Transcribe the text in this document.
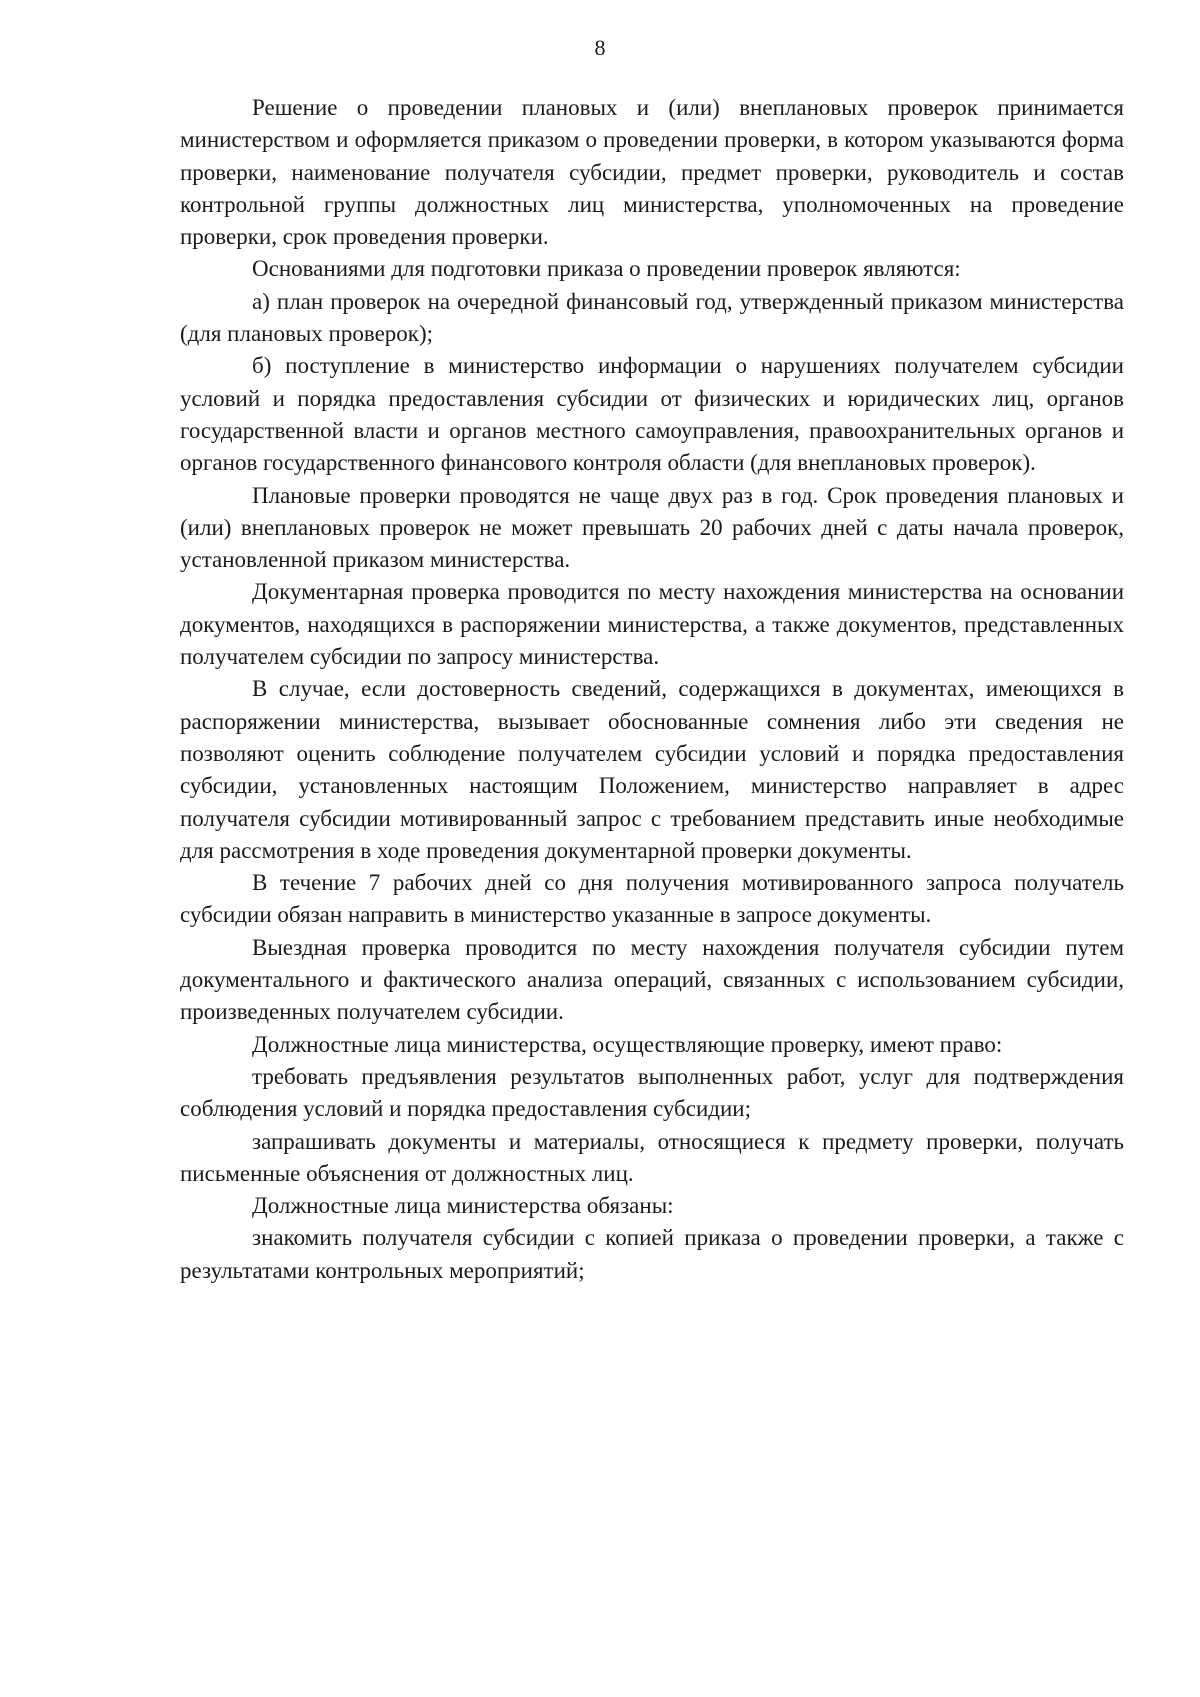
8

Решение о проведении плановых и (или) внеплановых проверок принимается министерством и оформляется приказом о проведении проверки, в котором указываются форма проверки, наименование получателя субсидии, предмет проверки, руководитель и состав контрольной группы должностных лиц министерства, уполномоченных на проведение проверки, срок проведения проверки.

Основаниями для подготовки приказа о проведении проверок являются:

а) план проверок на очередной финансовый год, утвержденный приказом министерства (для плановых проверок);

б) поступление в министерство информации о нарушениях получателем субсидии условий и порядка предоставления субсидии от физических и юридических лиц, органов государственной власти и органов местного самоуправления, правоохранительных органов и органов государственного финансового контроля области (для внеплановых проверок).

Плановые проверки проводятся не чаще двух раз в год. Срок проведения плановых и (или) внеплановых проверок не может превышать 20 рабочих дней с даты начала проверок, установленной приказом министерства.

Документарная проверка проводится по месту нахождения министерства на основании документов, находящихся в распоряжении министерства, а также документов, представленных получателем субсидии по запросу министерства.

В случае, если достоверность сведений, содержащихся в документах, имеющихся в распоряжении министерства, вызывает обоснованные сомнения либо эти сведения не позволяют оценить соблюдение получателем субсидии условий и порядка предоставления субсидии, установленных настоящим Положением, министерство направляет в адрес получателя субсидии мотивированный запрос с требованием представить иные необходимые для рассмотрения в ходе проведения документарной проверки документы.

В течение 7 рабочих дней со дня получения мотивированного запроса получатель субсидии обязан направить в министерство указанные в запросе документы.

Выездная проверка проводится по месту нахождения получателя субсидии путем документального и фактического анализа операций, связанных с использованием субсидии, произведенных получателем субсидии.

Должностные лица министерства, осуществляющие проверку, имеют право:

требовать предъявления результатов выполненных работ, услуг для подтверждения соблюдения условий и порядка предоставления субсидии;

запрашивать документы и материалы, относящиеся к предмету проверки, получать письменные объяснения от должностных лиц.

Должностные лица министерства обязаны:

знакомить получателя субсидии с копией приказа о проведении проверки, а также с результатами контрольных мероприятий;
